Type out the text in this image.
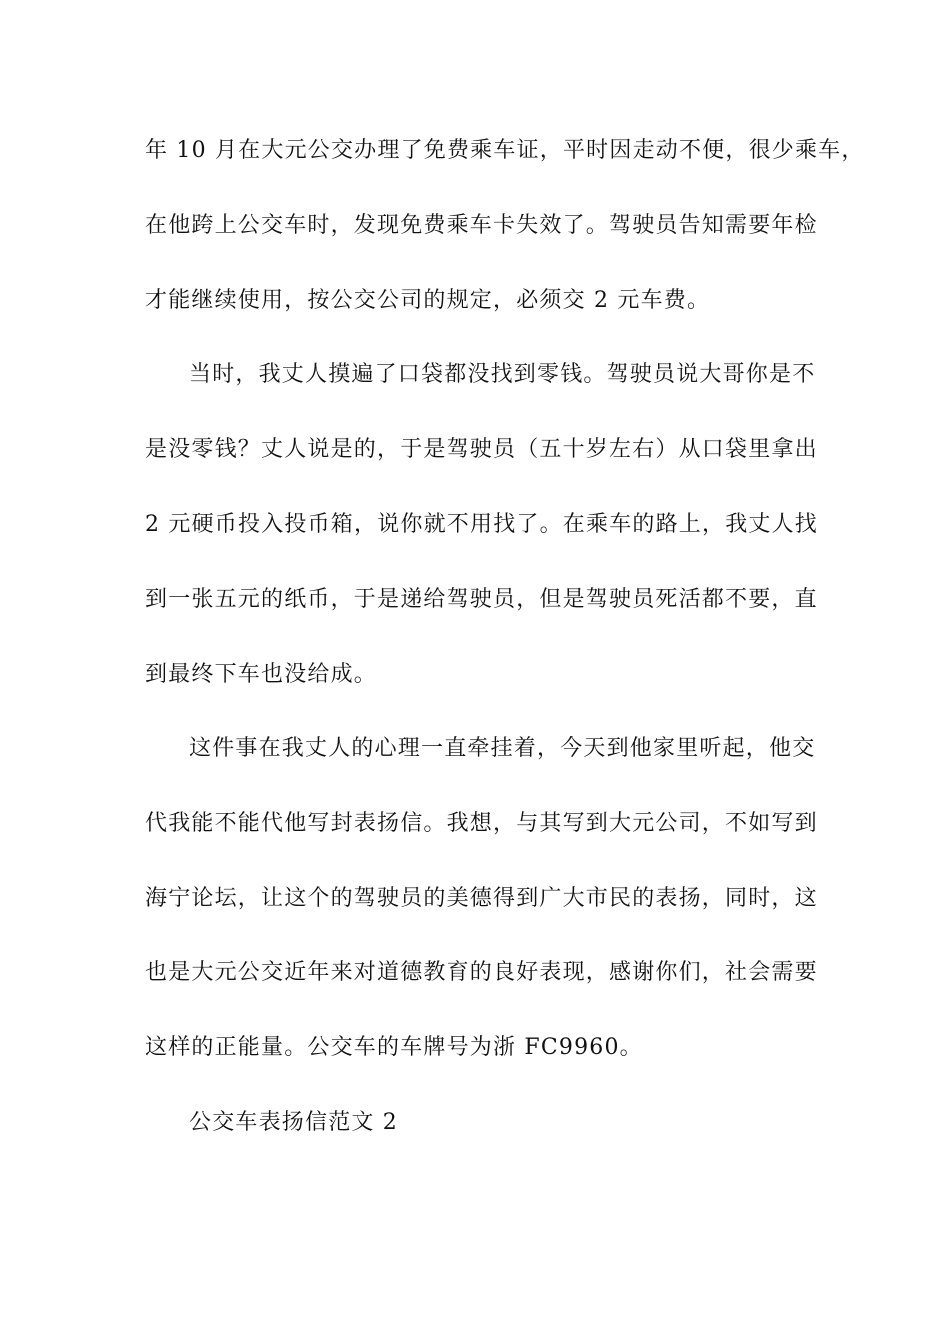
年 10 月在大元公交办理了免费乘车证，平时因走动不便，很少乘车，
在他跨上公交车时，发现免费乘车卡失效了。驾驶员告知需要年检
才能继续使用，按公交公司的规定，必须交 2 元车费。
当时，我丈人摸遍了口袋都没找到零钱。驾驶员说大哥你是不
是没零钱？丈人说是的，于是驾驶员（五十岁左右）从口袋里拿出
2 元硬币投入投币箱，说你就不用找了。在乘车的路上，我丈人找
到一张五元的纸币，于是递给驾驶员，但是驾驶员死活都不要，直
到最终下车也没给成。
这件事在我丈人的心理一直牵挂着，今天到他家里听起，他交
代我能不能代他写封表扬信。我想，与其写到大元公司，不如写到
海宁论坛，让这个的驾驶员的美德得到广大市民的表扬，同时，这
也是大元公交近年来对道德教育的良好表现，感谢你们，社会需要
这样的正能量。公交车的车牌号为浙 FC9960。
公交车表扬信范文 2
